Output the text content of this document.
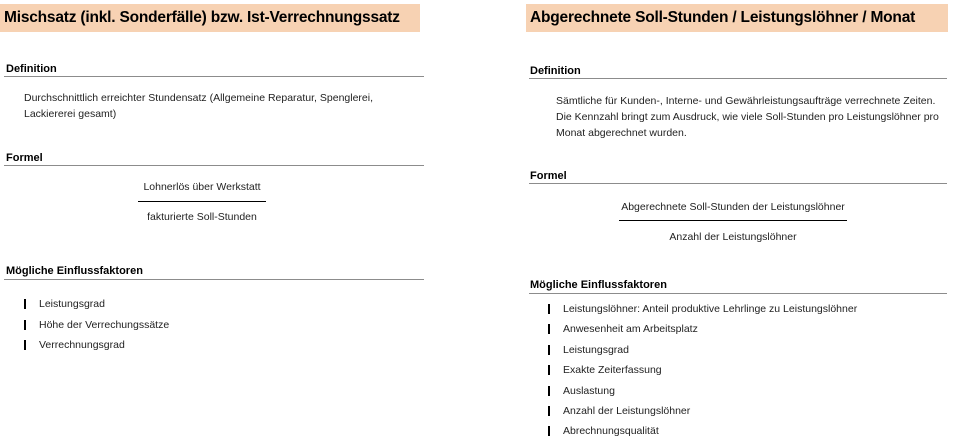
Mischsatz (inkl. Sonderfälle) bzw. Ist-Verrechnungssatz
Definition
Durchschnittlich erreichter Stundensatz (Allgemeine Reparatur, Spenglerei, Lackiererei gesamt)
Formel
Lohnerlös über Werkstatt
fakturierte Soll-Stunden
Mögliche Einflussfaktoren
Leistungsgrad
Höhe der Verrechungssätze
Verrechnungsgrad
Abgerechnete Soll-Stunden / Leistungslöhner / Monat
Definition
Sämtliche für Kunden-, Interne- und Gewährleistungsaufträge verrechnete Zeiten. Die Kennzahl bringt zum Ausdruck, wie viele Soll-Stunden pro Leistungslöhner pro Monat abgerechnet wurden.
Formel
Abgerechnete Soll-Stunden der Leistungslöhner
Anzahl der Leistungslöhner
Mögliche Einflussfaktoren
Leistungslöhner: Anteil produktive Lehrlinge zu Leistungslöhner
Anwesenheit am Arbeitsplatz
Leistungsgrad
Exakte Zeiterfassung
Auslastung
Anzahl der Leistungslöhner
Abrechnungsqualität
